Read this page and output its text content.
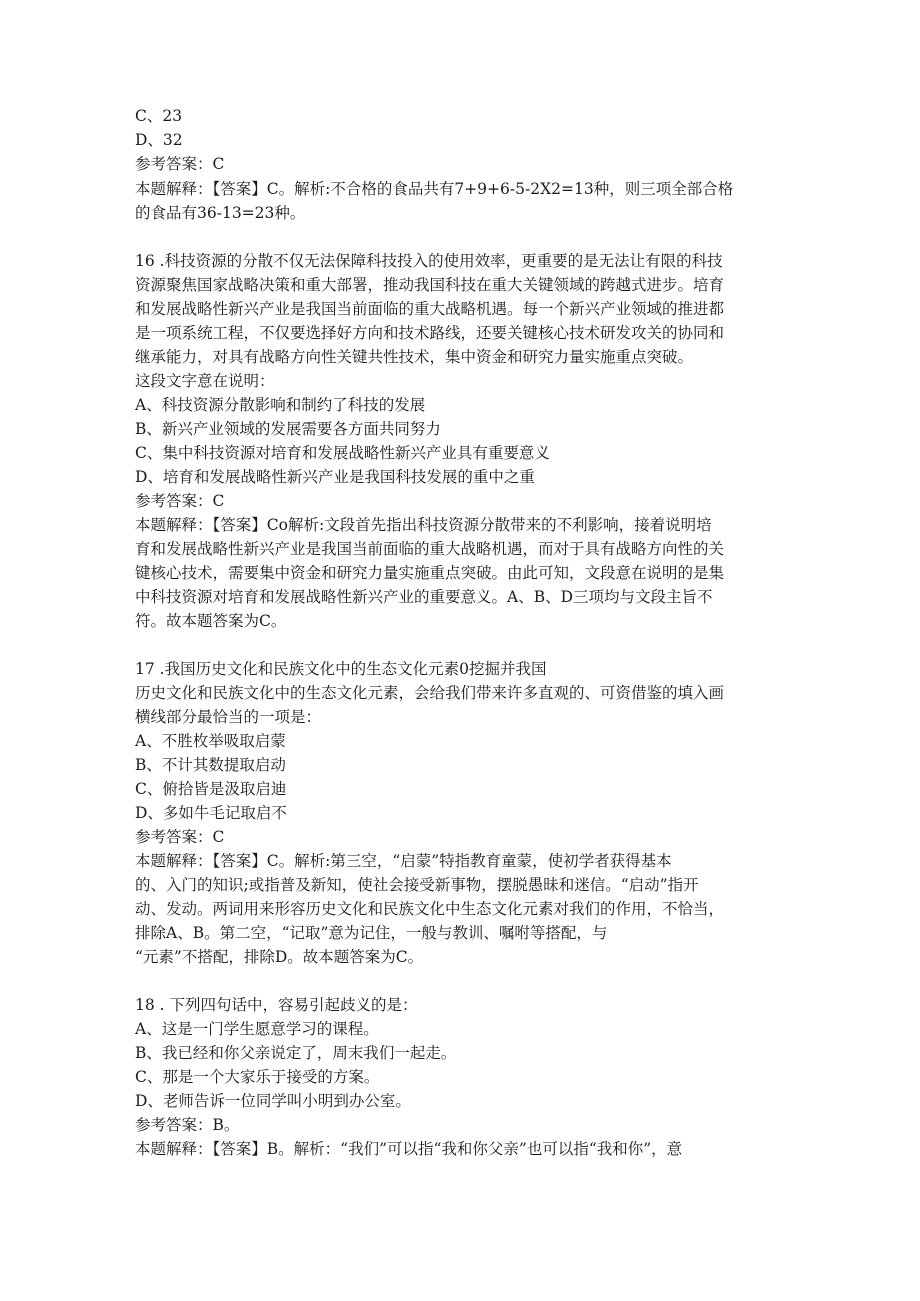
C、23

D、32

参考答案：C

本题解释：【答案】C。解析:不合格的食品共有7+9+6-5-2X2=13种，则三项全部合格

的食品有36-13=23种。

16 .科技资源的分散不仅无法保障科技投入的使用效率，更重要的是无法让有限的科技

资源聚焦国家战略决策和重大部署，推动我国科技在重大关键领域的跨越式进步。培育

和发展战略性新兴产业是我国当前面临的重大战略机遇。每一个新兴产业领域的推进都

是一项系统工程，不仅要选择好方向和技术路线，还要关键核心技术研发攻关的协同和

继承能力，对具有战略方向性关键共性技术，集中资金和研究力量实施重点突破。

这段文字意在说明：

A、科技资源分散影响和制约了科技的发展

B、新兴产业领域的发展需要各方面共同努力

C、集中科技资源对培育和发展战略性新兴产业具有重要意义

D、培育和发展战略性新兴产业是我国科技发展的重中之重

参考答案：C

本题解释：【答案】Co解析:文段首先指出科技资源分散带来的不利影响，接着说明培

育和发展战略性新兴产业是我国当前面临的重大战略机遇，而对于具有战略方向性的关

键核心技术，需要集中资金和研究力量实施重点突破。由此可知，文段意在说明的是集

中科技资源对培育和发展战略性新兴产业的重要意义。A、B、D三项均与文段主旨不

符。故本题答案为C。

17 .我国历史文化和民族文化中的生态文化元素0挖掘并我国

历史文化和民族文化中的生态文化元素，会给我们带来许多直观的、可资借鉴的填入画

横线部分最恰当的一项是：

A、不胜枚举吸取启蒙

B、不计其数提取启动

C、俯拾皆是汲取启迪

D、多如牛毛记取启不

参考答案：C

本题解释：【答案】C。解析:第三空，“启蒙”特指教育童蒙，使初学者获得基本

的、入门的知识;或指普及新知，使社会接受新事物，摆脱愚昧和迷信。“启动”指开

动、发动。两词用来形容历史文化和民族文化中生态文化元素对我们的作用，不恰当，

排除A、B。第二空，“记取”意为记住，一般与教训、嘱咐等搭配，与

“元素”不搭配，排除D。故本题答案为C。

18 . 下列四句话中，容易引起歧义的是：

A、这是一门学生愿意学习的课程。

B、我已经和你父亲说定了，周末我们一起走。

C、那是一个大家乐于接受的方案。

D、老师告诉一位同学叫小明到办公室。

参考答案：B。

本题解释：【答案】B。解析：“我们”可以指“我和你父亲”也可以指“我和你”，意
